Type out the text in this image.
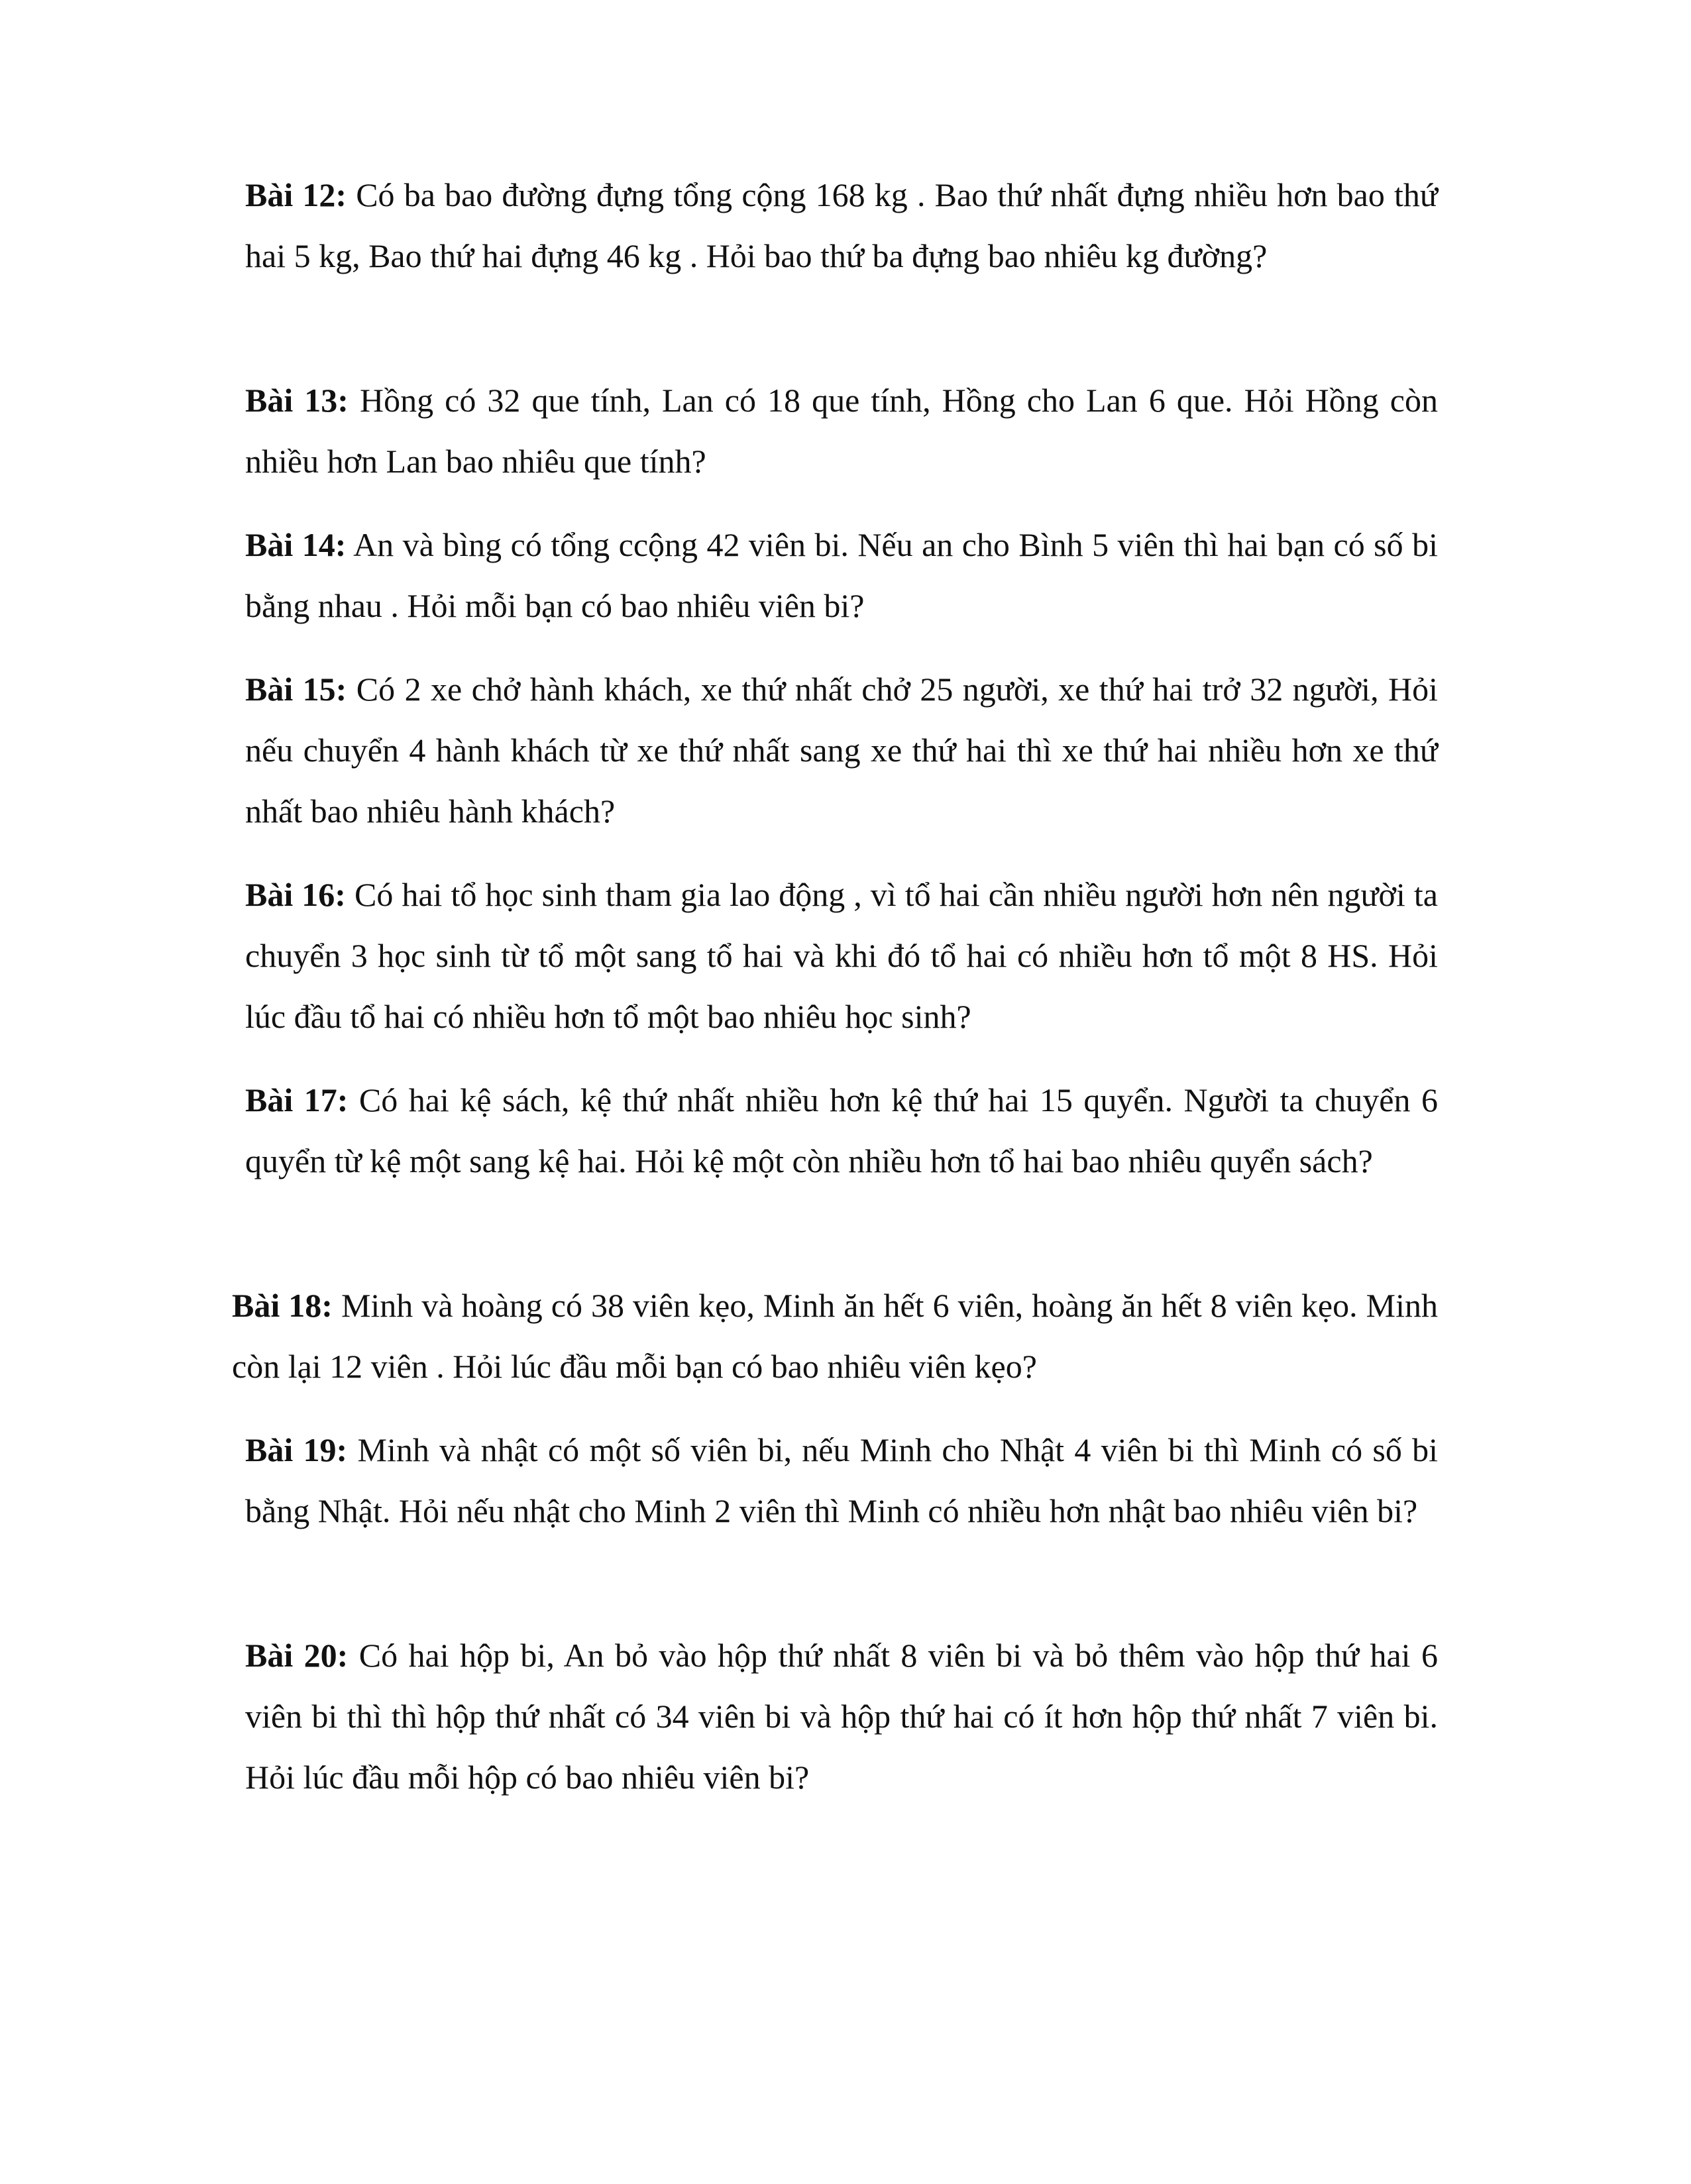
Bài 12: Có ba bao đường đựng tổng cộng 168 kg . Bao thứ nhất đựng nhiều hơn bao thứ hai 5 kg, Bao thứ hai đựng 46 kg . Hỏi bao thứ ba đựng bao nhiêu kg đường?

Bài 13: Hồng có 32 que tính, Lan có 18 que tính, Hồng cho Lan 6 que. Hỏi Hồng còn nhiều hơn Lan bao nhiêu que tính?

Bài 14: An và bìng có tổng ccộng 42 viên bi. Nếu an cho Bình 5 viên thì hai bạn có số bi bằng nhau . Hỏi mỗi bạn có bao nhiêu viên bi?

Bài 15: Có 2 xe chở hành khách, xe thứ nhất chở 25 người, xe thứ hai trở 32 người, Hỏi nếu chuyển 4 hành khách từ xe thứ nhất sang xe thứ hai thì xe thứ hai nhiều hơn xe thứ nhất bao nhiêu hành khách?

Bài 16: Có hai tổ học sinh tham gia lao động , vì tổ hai cần nhiều người hơn nên người ta chuyển 3 học sinh từ tổ một sang tổ hai và khi đó tổ hai có nhiều hơn tổ một 8 HS. Hỏi lúc đầu tổ hai có nhiều hơn tổ một bao nhiêu học sinh?

Bài 17: Có hai kệ sách, kệ thứ nhất nhiều hơn kệ thứ hai 15 quyển. Người ta chuyển 6 quyển từ kệ một sang kệ hai. Hỏi kệ một còn nhiều hơn tổ hai bao nhiêu quyển sách?

Bài 18: Minh và hoàng có 38 viên kẹo, Minh ăn hết 6 viên, hoàng ăn hết 8 viên kẹo. Minh còn lại 12 viên . Hỏi lúc đầu mỗi bạn có bao nhiêu viên kẹo?

Bài 19: Minh và nhật có một số viên bi, nếu Minh cho Nhật 4 viên bi thì Minh có số bi bằng Nhật. Hỏi nếu nhật cho Minh 2 viên thì Minh có nhiều hơn nhật bao nhiêu viên bi?

Bài 20: Có hai hộp bi, An bỏ vào hộp thứ nhất 8 viên bi và bỏ thêm vào hộp thứ hai 6 viên bi thì thì hộp thứ nhất có 34 viên bi và hộp thứ hai có ít hơn hộp thứ nhất 7 viên bi. Hỏi lúc đầu mỗi hộp có bao nhiêu viên bi?
